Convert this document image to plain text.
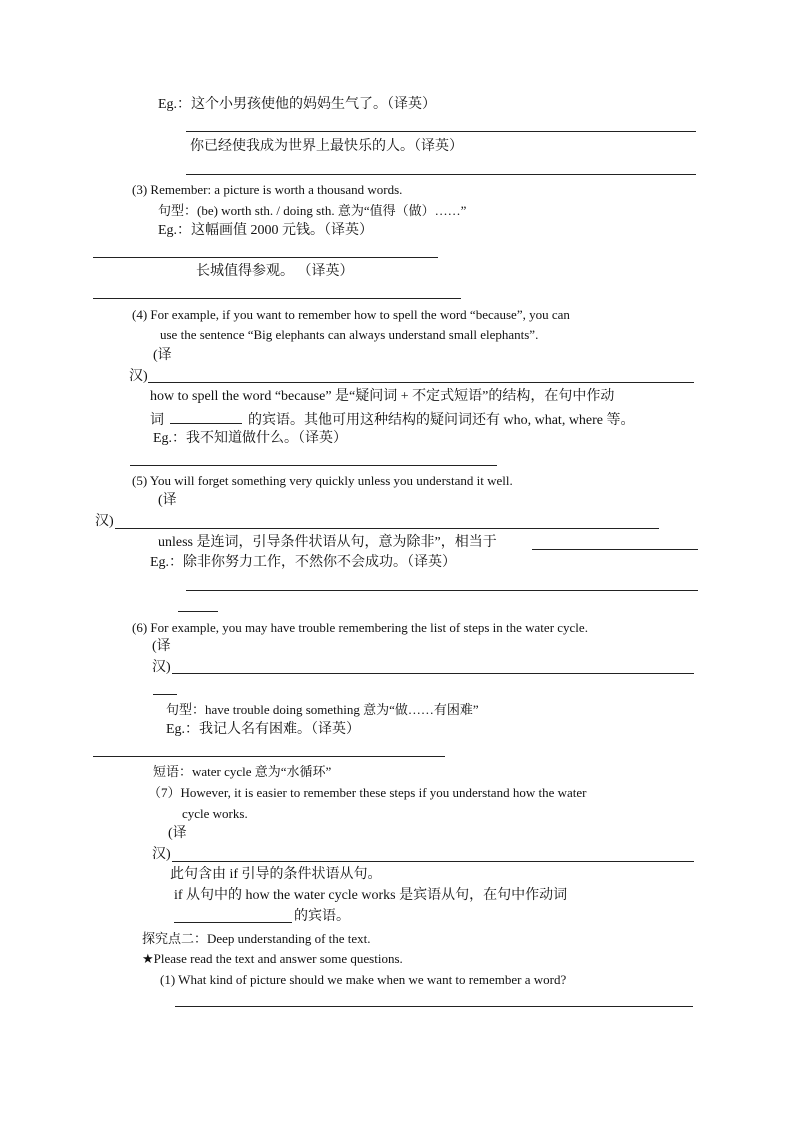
Eg.：这个小男孩使他的妈妈生气了。（译英）
你已经使我成为世界上最快乐的人。（译英）
(3) Remember: a picture is worth a thousand words.
句型：(be) worth sth. / doing sth. 意为“值得（做）……”
Eg.：这幅画值 2000 元钱。（译英）
长城值得参观。 （译英）
(4) For example, if you want to remember how to spell the word “because”, you can
use the sentence “Big elephants can always understand small elephants”.
(译
汉)
how to spell the word “because” 是“疑问词 + 不定式短语”的结构，在句中作动
词	的宾语。其他可用这种结构的疑问词还有 who, what, where 等。
Eg.：我不知道做什么。（译英）
(5) You will forget something very quickly unless you understand it well.
(译
汉)
unless 是连词，引导条件状语从句，意为除非”，相当于
Eg.：除非你努力工作，不然你不会成功。（译英）
(6) For example, you may have trouble remembering the list of steps in the water cycle.
(译
汉)
句型：have trouble doing something 意为“做……有困难”
Eg.：我记人名有困难。（译英）
短语：water cycle 意为“水循环”
（7）However, it is easier to remember these steps if you understand how the water
cycle works.
(译
汉)
此句含由 if 引导的条件状语从句。
if 从句中的 how the water cycle works 是宾语从句，在句中作动词
的宾语。
探究点二：Deep understanding of the text.
★Please read the text and answer some questions.
(1) What kind of picture should we make when we want to remember a word?
